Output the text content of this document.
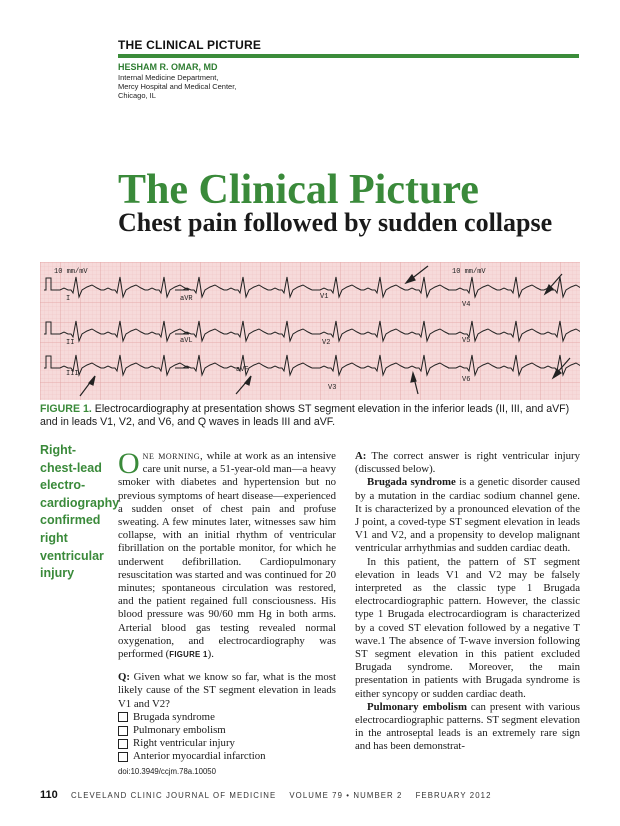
THE CLINICAL PICTURE
HESHAM R. OMAR, MD
Internal Medicine Department,
Mercy Hospital and Medical Center,
Chicago, IL
The Clinical Picture
Chest pain followed by sudden collapse
10 mm/mV	10 mm/mV
I
II
III
aVR
aVL
aVF
V1
V2
V3
V4
V5
V6
FIGURE 1. Electrocardiography at presentation shows ST segment elevation in the inferior leads (II, III, and aVF) and in leads V1, V2, and V6, and Q waves in leads III and aVF.
Right-chest-lead electro-cardiography confirmed right ventricular injury

One morning, while at work as an intensive care unit nurse, a 51-year-old man—a heavy smoker with diabetes and hypertension but no previous symptoms of heart disease—experienced a sudden onset of chest pain and profuse sweating. A few minutes later, witnesses saw him collapse, with an initial rhythm of ventricular fibrillation on the portable monitor, for which he underwent defibrillation. Cardiopulmonary resuscitation was started and was continued for 20 minutes; spontaneous circulation was restored, and the patient regained full consciousness. His blood pressure was 90/60 mm Hg in both arms. Arterial blood gas testing revealed normal oxygenation, and electrocardiography was performed (FIGURE 1).

Q: Given what we know so far, what is the most likely cause of the ST segment elevation in leads V1 and V2?

Brugada syndrome
Pulmonary embolism
Right ventricular injury
Anterior myocardial infarction
doi:10.3949/ccjm.78a.10050

A: The correct answer is right ventricular injury (discussed below).

Brugada syndrome is a genetic disorder caused by a mutation in the cardiac sodium channel gene. It is characterized by a pronounced elevation of the J point, a coved-type ST segment elevation in leads V1 and V2, and a propensity to develop malignant ventricular arrhythmias and sudden cardiac death.

In this patient, the pattern of ST segment elevation in leads V1 and V2 may be falsely interpreted as the classic type 1 Brugada electrocardiographic pattern. However, the classic type 1 Brugada electrocardiogram is characterized by a coved ST elevation followed by a negative T wave.1 The absence of T-wave inversion following ST segment elevation in this patient excluded Brugada syndrome. Moreover, the main presentation in patients with Brugada syndrome is either syncopy or sudden cardiac death.

Pulmonary embolism can present with various electrocardiographic patterns. ST segment elevation in the antroseptal leads is an extremely rare sign and has been demonstrat-

110 CLEVELAND CLINIC JOURNAL OF MEDICINE VOLUME 79 • NUMBER 2 FEBRUARY 2012
